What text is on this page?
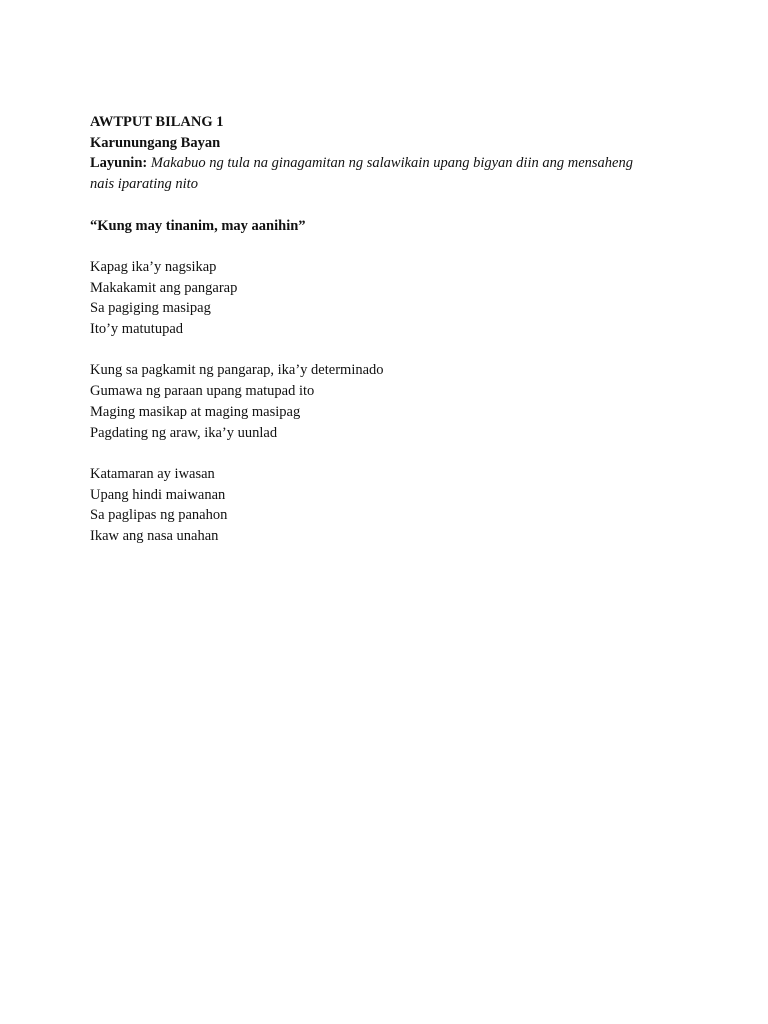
AWTPUT BILANG 1
Karunungang Bayan
Layunin: Makabuo ng tula na ginagamitan ng salawikain upang bigyan diin ang mensaheng
nais iparating nito
“Kung may tinanim, may aanihin”
Kapag ika’y nagsikap
Makakamit ang pangarap
Sa pagiging masipag
Ito’y matutupad
Kung sa pagkamit ng pangarap, ika’y determinado
Gumawa ng paraan upang matupad ito
Maging masikap at maging masipag
Pagdating ng araw, ika’y uunlad
Katamaran ay iwasan
Upang hindi maiwanan
Sa paglipas ng panahon
Ikaw ang nasa unahan
